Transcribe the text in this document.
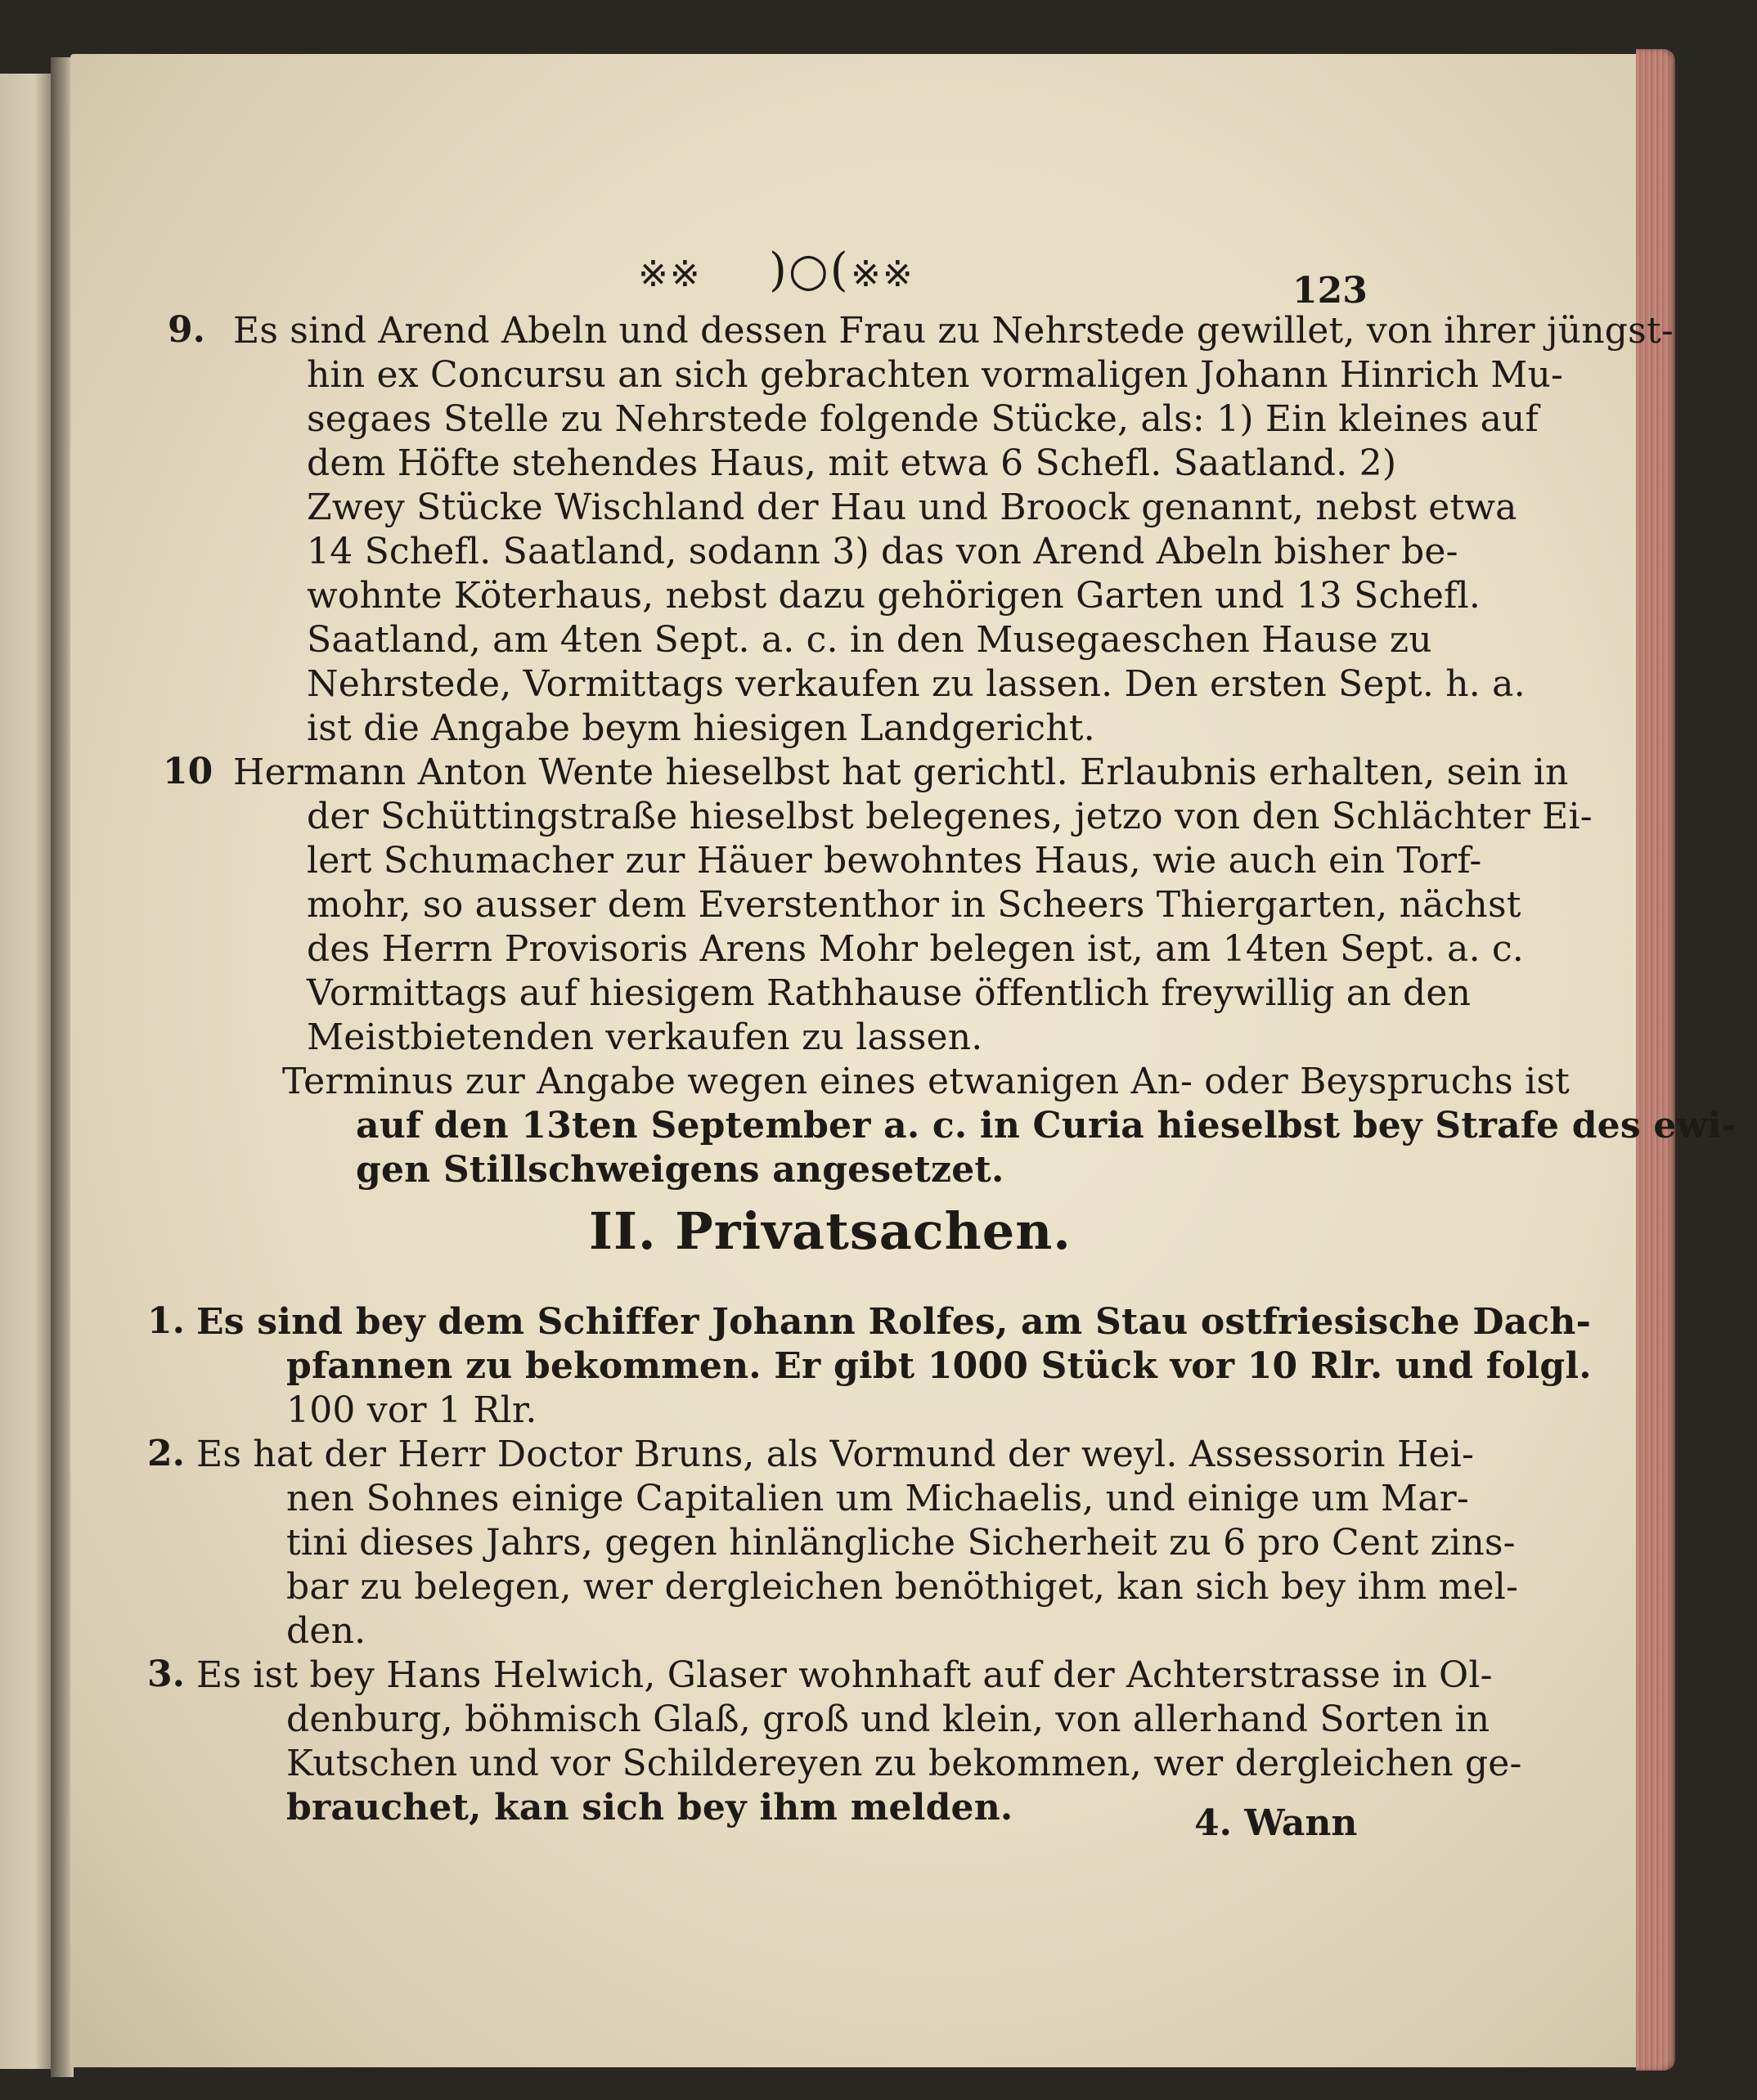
※※ )○( ※※	123
9. Es sind Arend Abeln und dessen Frau zu Nehrstede gewillet, von ihrer jüngst-
hin ex Concursu an sich gebrachten vormaligen Johann Hinrich Mu-
segaes Stelle zu Nehrstede folgende Stücke, als: 1) Ein kleines auf
dem Höfte stehendes Haus, mit etwa 6 Schefl. Saatland. 2)
Zwey Stücke Wischland der Hau und Broock genannt, nebst etwa
14 Schefl. Saatland, sodann 3) das von Arend Abeln bisher be-
wohnte Köterhaus, nebst dazu gehörigen Garten und 13 Schefl.
Saatland, am 4ten Sept. a. c. in den Musegaeschen Hause zu
Nehrstede, Vormittags verkaufen zu lassen. Den ersten Sept. h. a.
ist die Angabe beym hiesigen Landgericht.
10 Hermann Anton Wente hieselbst hat gerichtl. Erlaubnis erhalten, sein in
der Schüttingstraße hieselbst belegenes, jetzo von den Schlächter Ei-
lert Schumacher zur Häuer bewohntes Haus, wie auch ein Torf-
mohr, so ausser dem Everstenthor in Scheers Thiergarten, nächst
des Herrn Provisoris Arens Mohr belegen ist, am 14ten Sept. a. c.
Vormittags auf hiesigem Rathhause öffentlich freywillig an den
Meistbietenden verkaufen zu lassen.
Terminus zur Angabe wegen eines etwanigen An- oder Beyspruchs ist
auf den 13ten September a. c. in Curia hieselbst bey Strafe des ewi-
gen Stillschweigens angesetzet.
II. Privatsachen.
1. Es sind bey dem Schiffer Johann Rolfes, am Stau ostfriesische Dach-
pfannen zu bekommen. Er gibt 1000 Stück vor 10 Rlr. und folgl.
100 vor 1 Rlr.
2. Es hat der Herr Doctor Bruns, als Vormund der weyl. Assessorin Hei-
nen Sohnes einige Capitalien um Michaelis, und einige um Mar-
tini dieses Jahrs, gegen hinlängliche Sicherheit zu 6 pro Cent zins-
bar zu belegen, wer dergleichen benöthiget, kan sich bey ihm mel-
den.
3. Es ist bey Hans Helwich, Glaser wohnhaft auf der Achterstrasse in Ol-
denburg, böhmisch Glaß, groß und klein, von allerhand Sorten in
Kutschen und vor Schildereyen zu bekommen, wer dergleichen ge-
brauchet, kan sich bey ihm melden.	4. Wann
